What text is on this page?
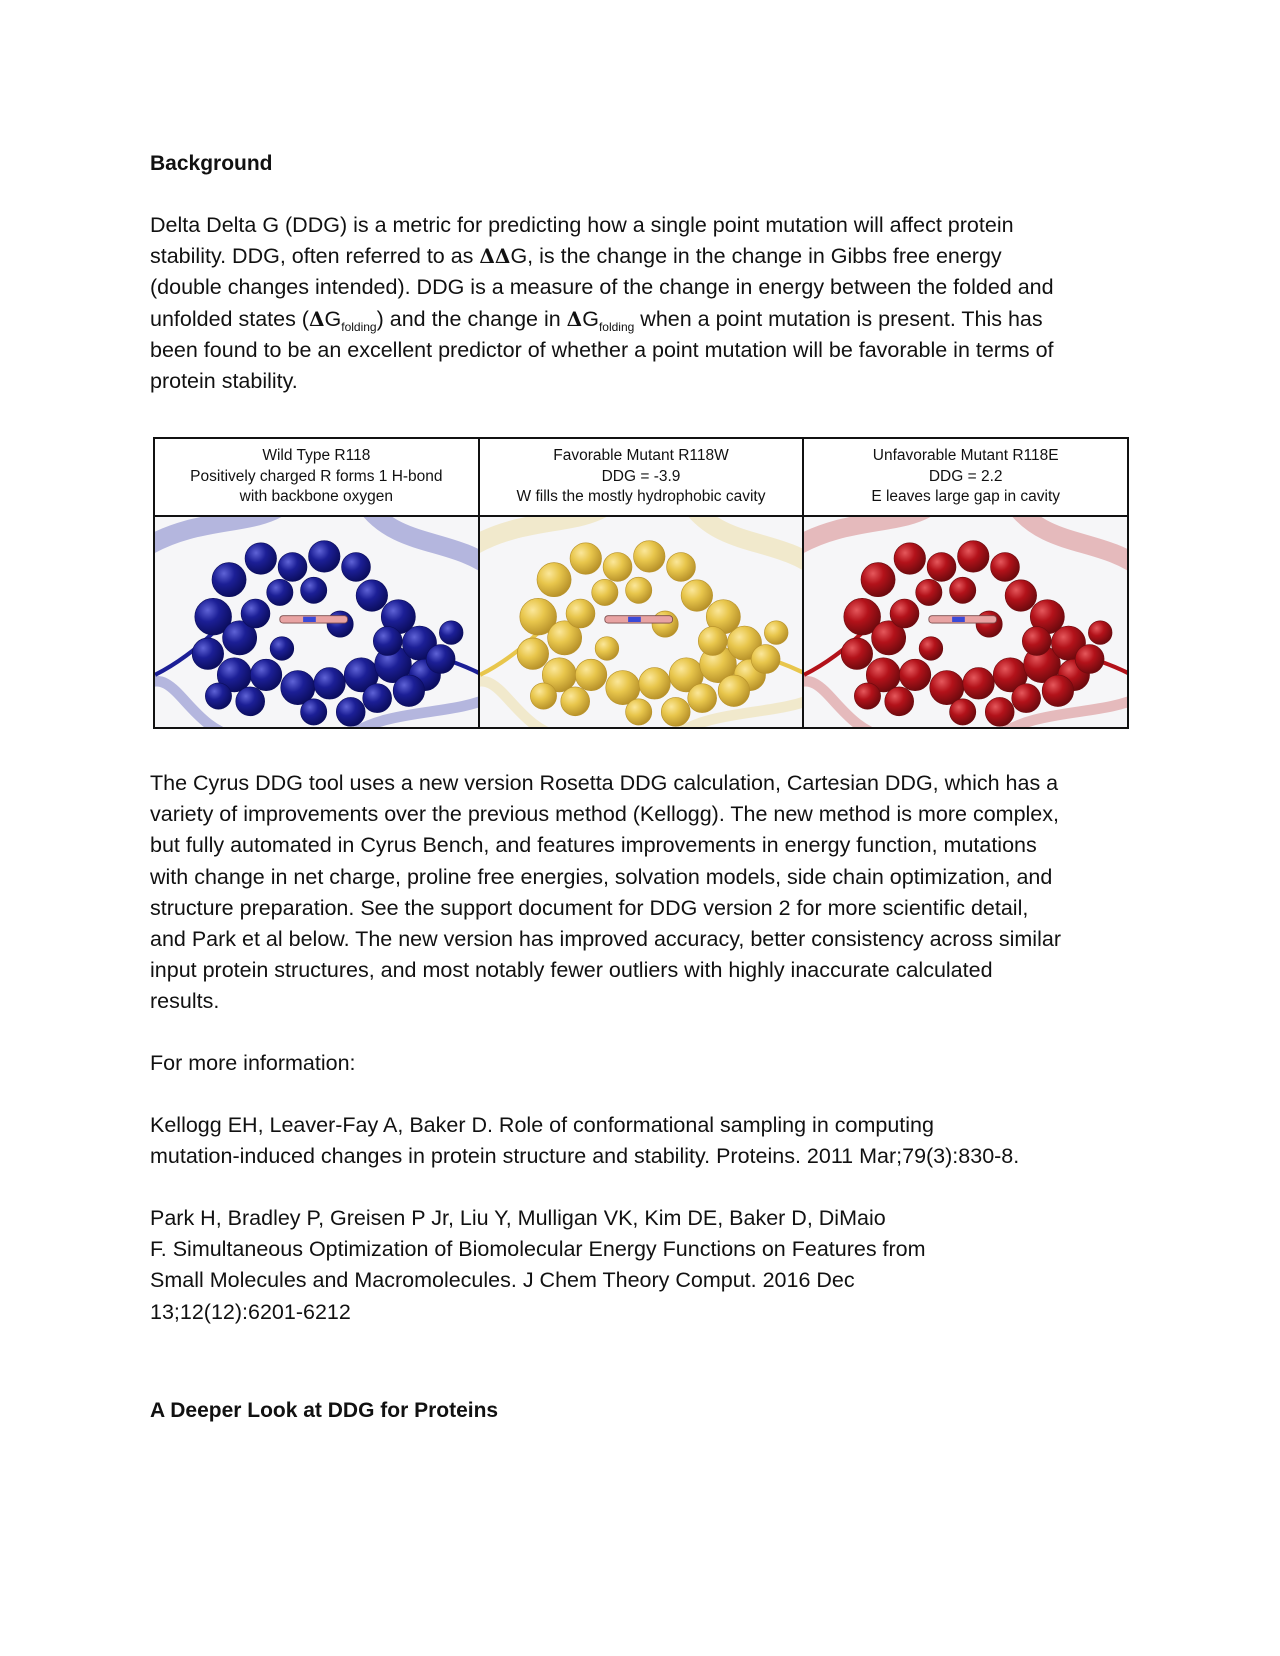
Background

Delta Delta G (DDG) is a metric for predicting how a single point mutation will affect protein
stability. DDG, often referred to as ΔΔG, is the change in the change in Gibbs free energy
(double changes intended). DDG is a measure of the change in energy between the folded and
unfolded states $(\Delta G_{folding})$ and the change in $\Delta G_{folding}$ when a point mutation is present. This has
been found to be an excellent predictor of whether a point mutation will be favorable in terms of
protein stability.

Wild Type R118
Positively charged R forms 1 H-bond
with backbone oxygen
Favorable Mutant R118W
DDG = -3.9
W fills the mostly hydrophobic cavity
Unfavorable Mutant R118E
DDG = 2.2
E leaves large gap in cavity

The Cyrus DDG tool uses a new version Rosetta DDG calculation, Cartesian DDG, which has a
variety of improvements over the previous method (Kellogg). The new method is more complex,
but fully automated in Cyrus Bench, and features improvements in energy function, mutations
with change in net charge, proline free energies, solvation models, side chain optimization, and
structure preparation. See the support document for DDG version 2 for more scientific detail,
and Park et al below. The new version has improved accuracy, better consistency across similar
input protein structures, and most notably fewer outliers with highly inaccurate calculated
results.

For more information:

Kellogg EH, Leaver-Fay A, Baker D. Role of conformational sampling in computing
mutation-induced changes in protein structure and stability. Proteins. 2011 Mar;79(3):830-8.

Park H, Bradley P, Greisen P Jr, Liu Y, Mulligan VK, Kim DE, Baker D, DiMaio
F. Simultaneous Optimization of Biomolecular Energy Functions on Features from
Small Molecules and Macromolecules. J Chem Theory Comput. 2016 Dec
13;12(12):6201-6212

A Deeper Look at DDG for Proteins
